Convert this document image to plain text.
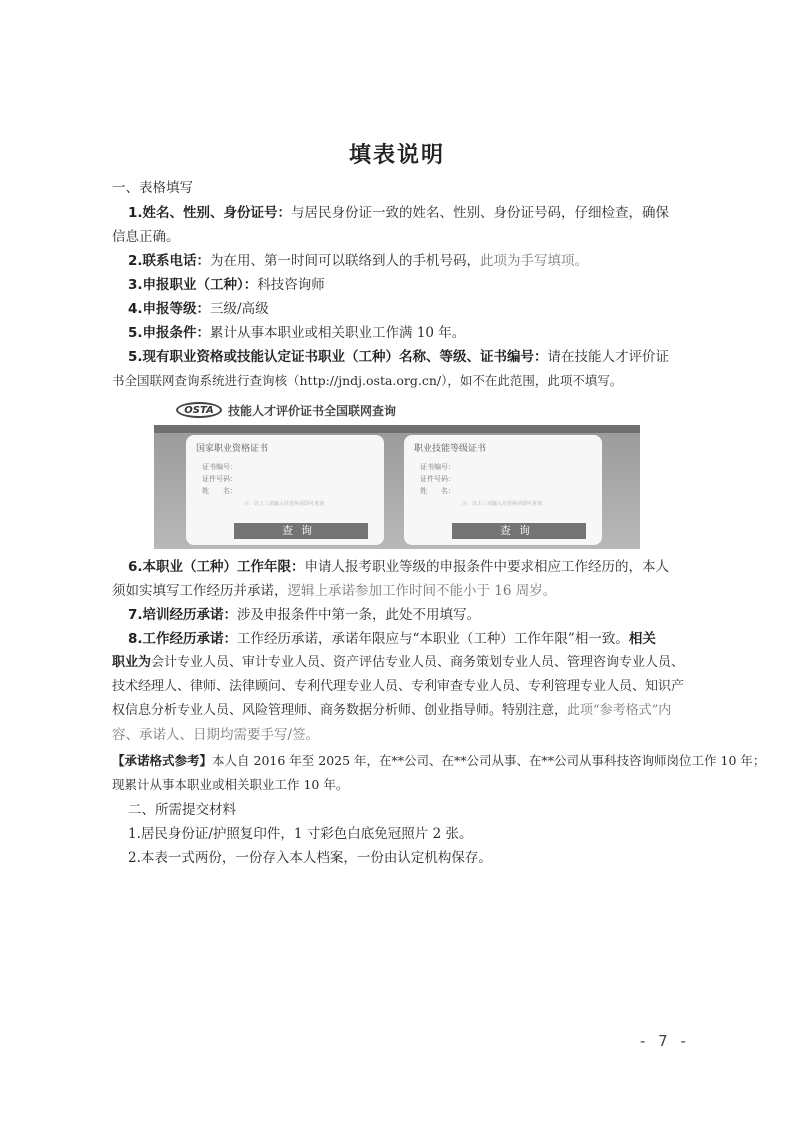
填表说明
一、表格填写
1.姓名、性别、身份证号：与居民身份证一致的姓名、性别、身份证号码，仔细检查，确保
信息正确。
2.联系电话：为在用、第一时间可以联络到人的手机号码，此项为手写填项。
3.申报职业（工种）：科技咨询师
4.申报等级：三级/高级
5.申报条件：累计从事本职业或相关职业工作满 10 年。
5.现有职业资格或技能认定证书职业（工种）名称、等级、证书编号：请在技能人才评价证
书全国联网查询系统进行查询核（http://jndj.osta.org.cn/），如不在此范围，此项不填写。
OSTA	技能人才评价证书全国联网查询
国家职业资格证书
证书编号：
证件号码：
姓　　名：
注：以上三项输入任意两项即可查询
查询
职业技能等级证书
证书编号：
证件号码：
姓　　名：
注：以上三项输入任意两项即可查询
查询
6.本职业（工种）工作年限：申请人报考职业等级的申报条件中要求相应工作经历的，本人
须如实填写工作经历并承诺，逻辑上承诺参加工作时间不能小于 16 周岁。
7.培训经历承诺：涉及申报条件中第一条，此处不用填写。
8.工作经历承诺：工作经历承诺，承诺年限应与“本职业（工种）工作年限”相一致。相关
职业为会计专业人员、审计专业人员、资产评估专业人员、商务策划专业人员、管理咨询专业人员、
技术经理人、律师、法律顾问、专利代理专业人员、专利审查专业人员、专利管理专业人员、知识产
权信息分析专业人员、风险管理师、商务数据分析师、创业指导师。特别注意，此项“参考格式”内
容、承诺人、日期均需要手写/签。
【承诺格式参考】本人自 2016 年至 2025 年，在**公司、在**公司从事、在**公司从事科技咨询师岗位工作 10 年；
现累计从事本职业或相关职业工作 10 年。
二、所需提交材料
1.居民身份证/护照复印件，1 寸彩色白底免冠照片 2 张。
2.本表一式两份，一份存入本人档案，一份由认定机构保存。
- 7 -
